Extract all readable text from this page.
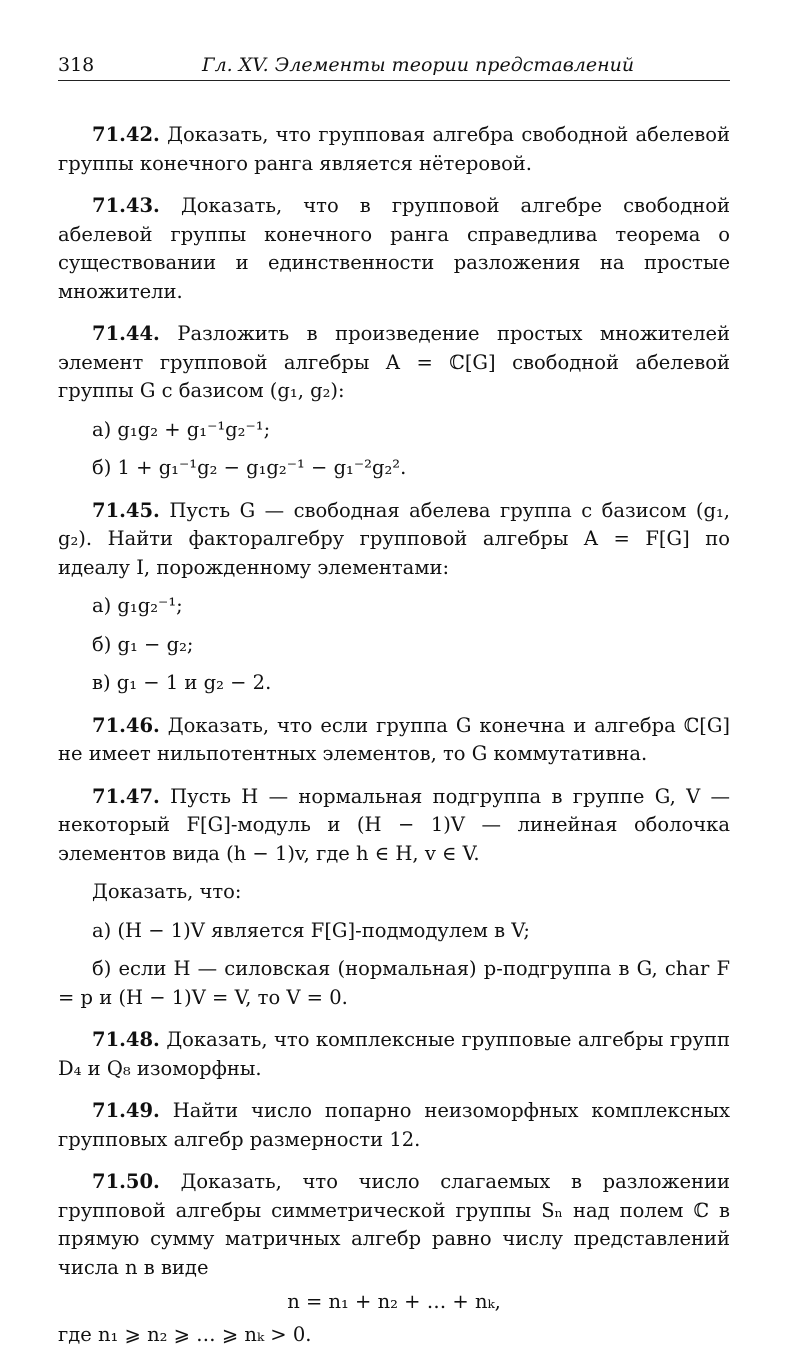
318	Гл. XV. Элементы теории представлений

71.42. Доказать, что групповая алгебра свободной абелевой группы конечного ранга является нётеровой.

71.43. Доказать, что в групповой алгебре свободной абелевой группы конечного ранга справедлива теорема о существовании и единственности разложения на простые множители.

71.44. Разложить в произведение простых множителей элемент групповой алгебры A = ℂ[G] свободной абелевой группы G с базисом (g₁, g₂):

а) g₁g₂ + g₁⁻¹g₂⁻¹;

б) 1 + g₁⁻¹g₂ − g₁g₂⁻¹ − g₁⁻²g₂².

71.45. Пусть G — свободная абелева группа с базисом (g₁, g₂). Найти факторалгебру групповой алгебры A = F[G] по идеалу I, порожденному элементами:

а) g₁g₂⁻¹;

б) g₁ − g₂;

в) g₁ − 1 и g₂ − 2.

71.46. Доказать, что если группа G конечна и алгебра ℂ[G] не имеет нильпотентных элементов, то G коммутативна.

71.47. Пусть H — нормальная подгруппа в группе G, V — некоторый F[G]-модуль и (H − 1)V — линейная оболочка элементов вида (h − 1)v, где h ∈ H, v ∈ V.

Доказать, что:

а) (H − 1)V является F[G]-подмодулем в V;

б) если H — силовская (нормальная) p-подгруппа в G, char F = p и (H − 1)V = V, то V = 0.

71.48. Доказать, что комплексные групповые алгебры групп D₄ и Q₈ изоморфны.

71.49. Найти число попарно неизоморфных комплексных групповых алгебр размерности 12.

71.50. Доказать, что число слагаемых в разложении групповой алгебры симметрической группы Sₙ над полем ℂ в прямую сумму матричных алгебр равно числу представлений числа n в виде

n = n₁ + n₂ + … + nₖ,

где n₁ ⩾ n₂ ⩾ … ⩾ nₖ > 0.
